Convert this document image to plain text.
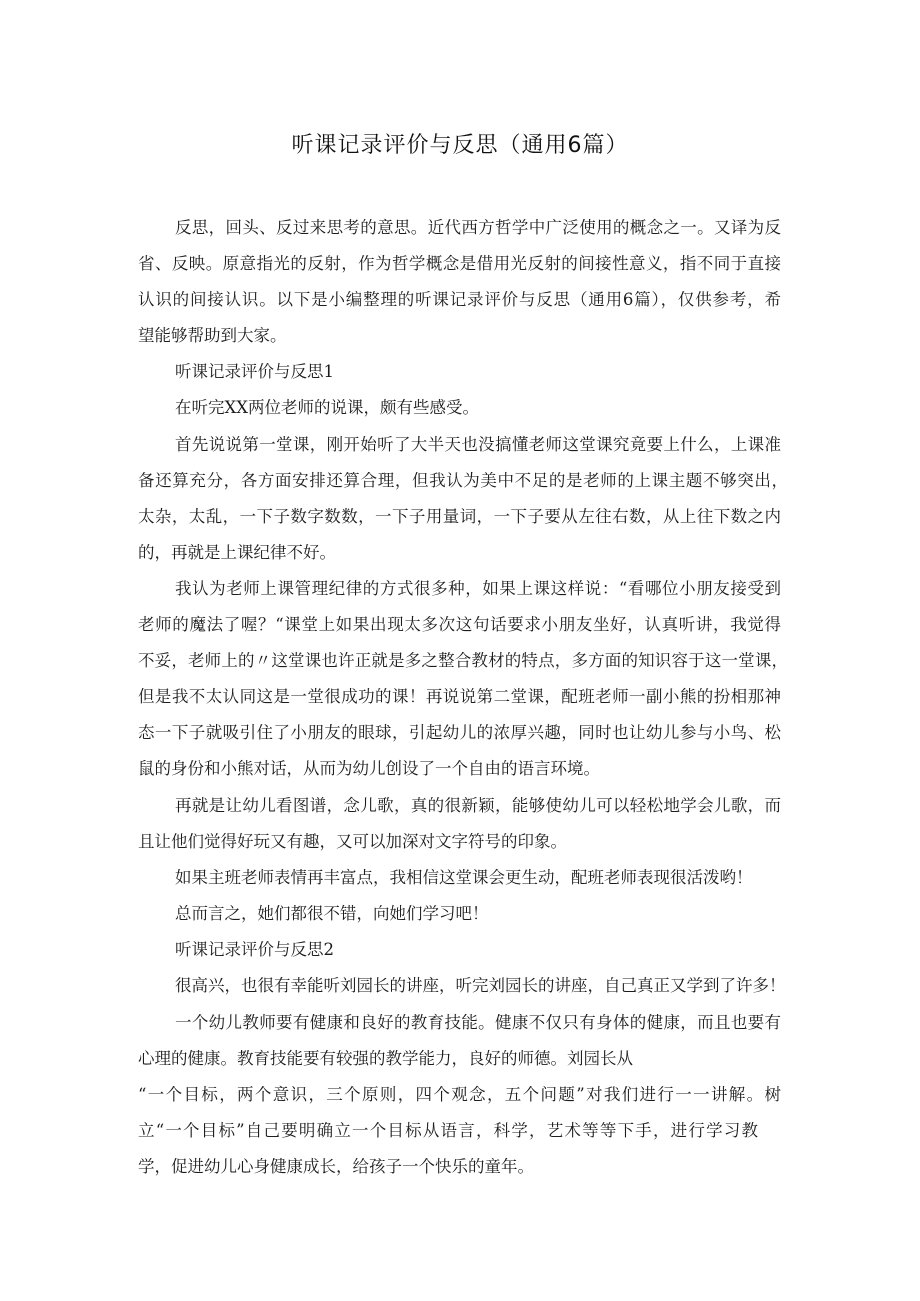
听课记录评价与反思（通用6篇）
反思，回头、反过来思考的意思。近代西方哲学中广泛使用的概念之一。又译为反
省、反映。原意指光的反射，作为哲学概念是借用光反射的间接性意义，指不同于直接
认识的间接认识。以下是小编整理的听课记录评价与反思（通用6篇），仅供参考，希
望能够帮助到大家。
听课记录评价与反思1
在听完XX两位老师的说课，颇有些感受。
首先说说第一堂课，刚开始听了大半天也没搞懂老师这堂课究竟要上什么，上课准
备还算充分，各方面安排还算合理，但我认为美中不足的是老师的上课主题不够突出，
太杂，太乱，一下子数字数数，一下子用量词，一下子要从左往右数，从上往下数之内
的，再就是上课纪律不好。
我认为老师上课管理纪律的方式很多种，如果上课这样说：“看哪位小朋友接受到
老师的魔法了喔？“课堂上如果出现太多次这句话要求小朋友坐好，认真听讲，我觉得
不妥，老师上的〃这堂课也许正就是多之整合教材的特点，多方面的知识容于这一堂课，
但是我不太认同这是一堂很成功的课！再说说第二堂课，配班老师一副小熊的扮相那神
态一下子就吸引住了小朋友的眼球，引起幼儿的浓厚兴趣，同时也让幼儿参与小鸟、松
鼠的身份和小熊对话，从而为幼儿创设了一个自由的语言环境。
再就是让幼儿看图谱，念儿歌，真的很新颖，能够使幼儿可以轻松地学会儿歌，而
且让他们觉得好玩又有趣，又可以加深对文字符号的印象。
如果主班老师表情再丰富点，我相信这堂课会更生动，配班老师表现很活泼哟！
总而言之，她们都很不错，向她们学习吧！
听课记录评价与反思2
很高兴，也很有幸能听刘园长的讲座，听完刘园长的讲座，自己真正又学到了许多！
一个幼儿教师要有健康和良好的教育技能。健康不仅只有身体的健康，而且也要有
心理的健康。教育技能要有较强的教学能力，良好的师德。刘园长从
“一个目标，两个意识，三个原则，四个观念，五个问题”对我们进行一一讲解。树
立“一个目标”自己要明确立一个目标从语言，科学，艺术等等下手，进行学习教
学，促进幼儿心身健康成长，给孩子一个快乐的童年。
